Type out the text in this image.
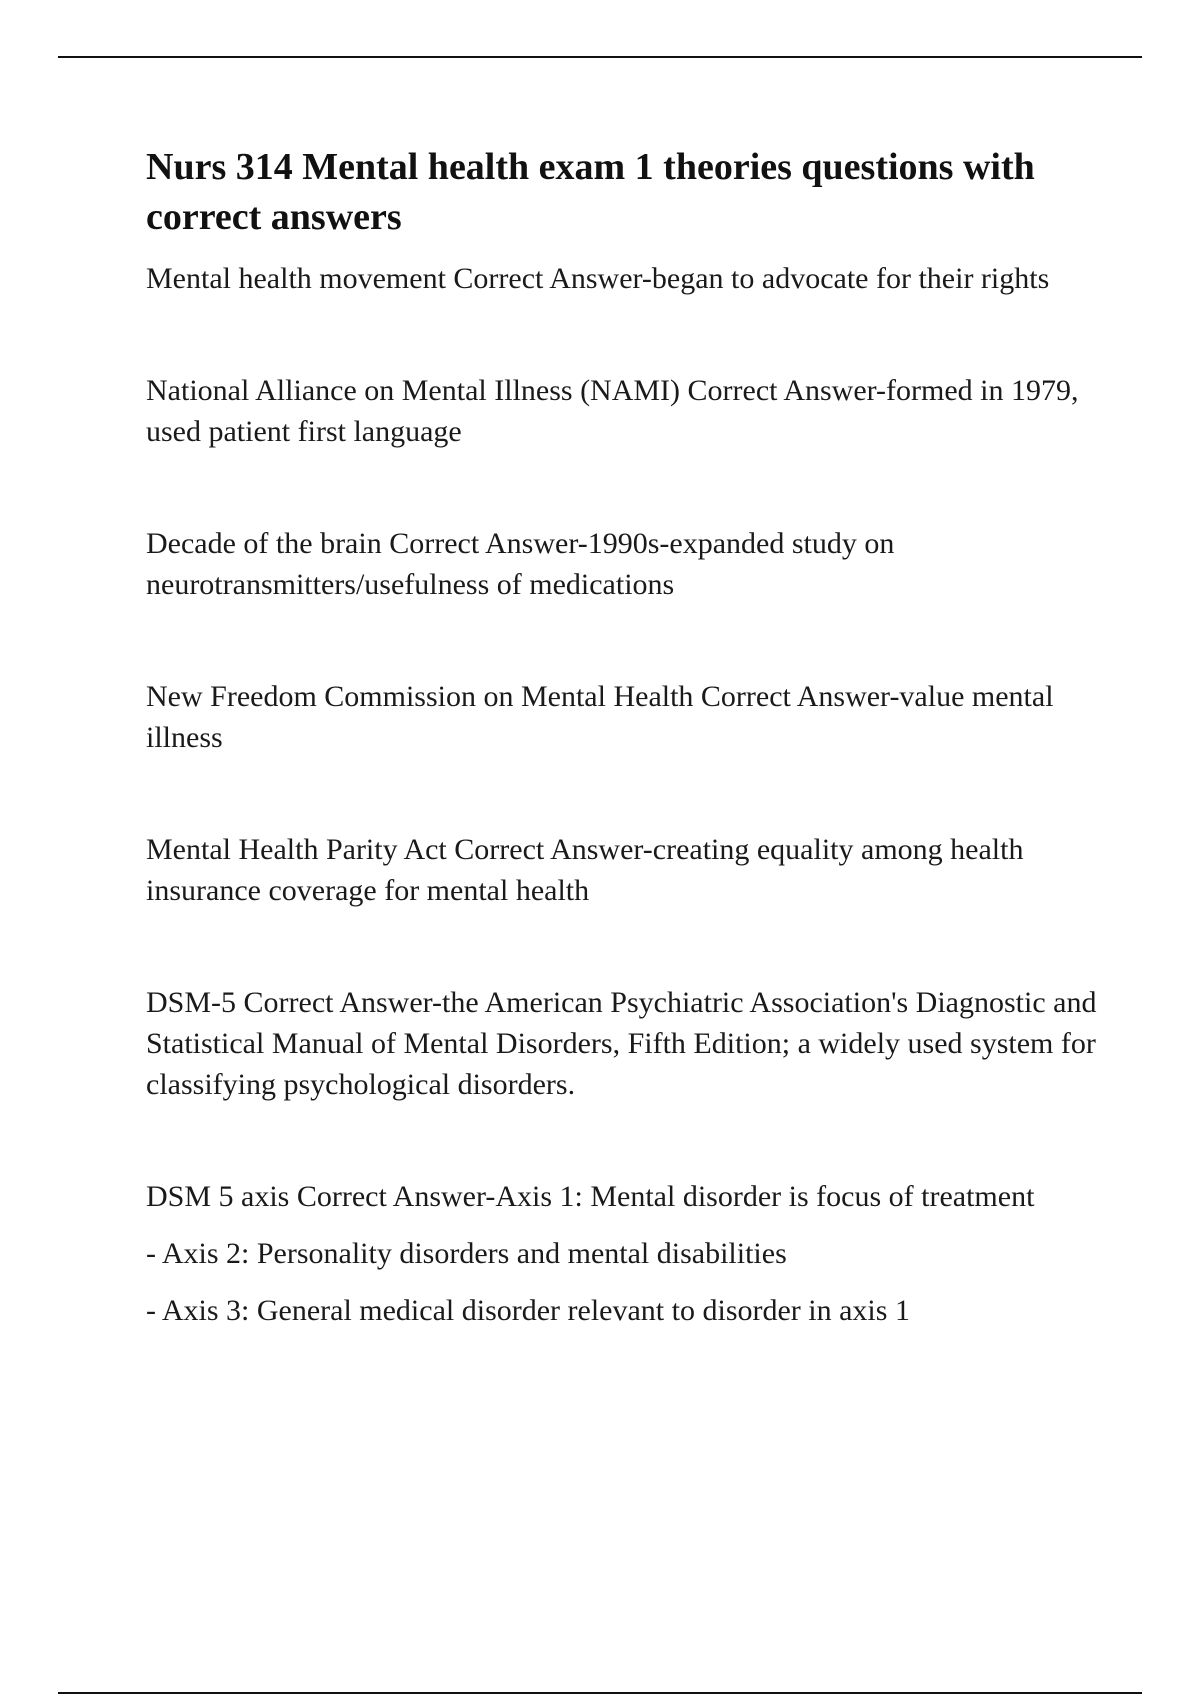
Nurs 314 Mental health exam 1 theories questions with correct answers

Mental health movement Correct Answer-began to advocate for their rights

National Alliance on Mental Illness (NAMI) Correct Answer-formed in 1979, used patient first language

Decade of the brain Correct Answer-1990s-expanded study on neurotransmitters/usefulness of medications

New Freedom Commission on Mental Health Correct Answer-value mental illness

Mental Health Parity Act Correct Answer-creating equality among health insurance coverage for mental health

DSM-5 Correct Answer-the American Psychiatric Association's Diagnostic and Statistical Manual of Mental Disorders, Fifth Edition; a widely used system for classifying psychological disorders.

DSM 5 axis Correct Answer-Axis 1: Mental disorder is focus of treatment

- Axis 2: Personality disorders and mental disabilities

- Axis 3: General medical disorder relevant to disorder in axis 1
